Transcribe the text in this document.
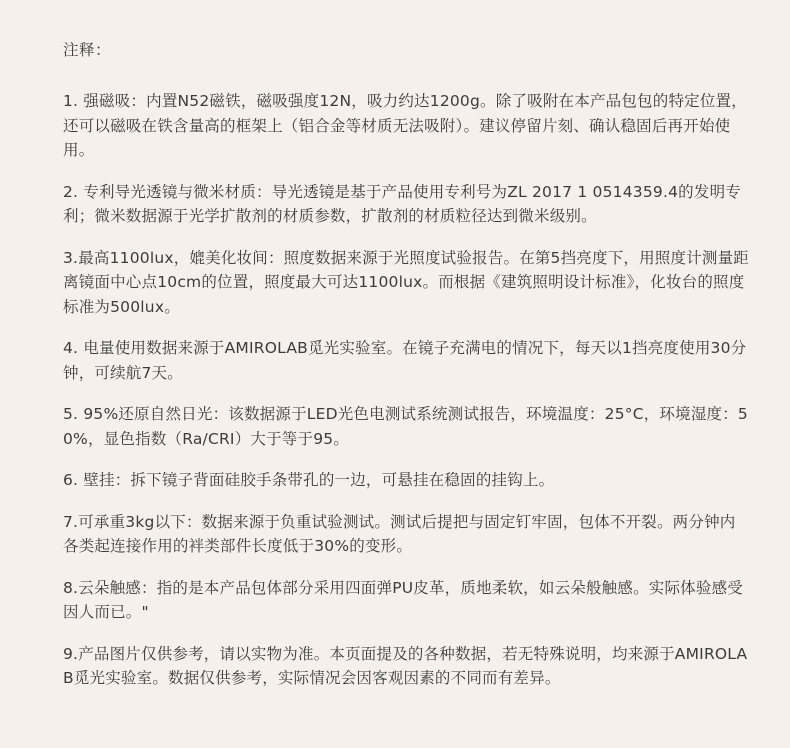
注释：
1. 强磁吸：内置N52磁铁，磁吸强度12N，吸力约达1200g。除了吸附在本产品包包的特定位置，还可以磁吸在铁含量高的框架上（铝合金等材质无法吸附）。建议停留片刻、确认稳固后再开始使用。
2. 专利导光透镜与微米材质：导光透镜是基于产品使用专利号为ZL 2017 1 0514359.4的发明专利；微米数据源于光学扩散剂的材质参数，扩散剂的材质粒径达到微米级别。
3.最高1100lux，媲美化妆间：照度数据来源于光照度试验报告。在第5挡亮度下，用照度计测量距离镜面中心点10cm的位置，照度最大可达1100lux。而根据《建筑照明设计标准》，化妆台的照度标准为500lux。
4. 电量使用数据来源于AMIROLAB觅光实验室。在镜子充满电的情况下，每天以1挡亮度使用30分钟，可续航7天。
5. 95%还原自然日光：该数据源于LED光色电测试系统测试报告，环境温度：25°C，环境湿度：50%，显色指数（Ra/CRI）大于等于95。
6. 壁挂：拆下镜子背面硅胶手条带孔的一边，可悬挂在稳固的挂钩上。
7.可承重3kg以下：数据来源于负重试验测试。测试后提把与固定钉牢固，包体不开裂。两分钟内各类起连接作用的袢类部件长度低于30%的变形。
8.云朵触感：指的是本产品包体部分采用四面弹PU皮革，质地柔软，如云朵般触感。实际体验感受因人而已。"
9.产品图片仅供参考，请以实物为准。本页面提及的各种数据，若无特殊说明，均来源于AMIROLAB觅光实验室。数据仅供参考，实际情况会因客观因素的不同而有差异。
